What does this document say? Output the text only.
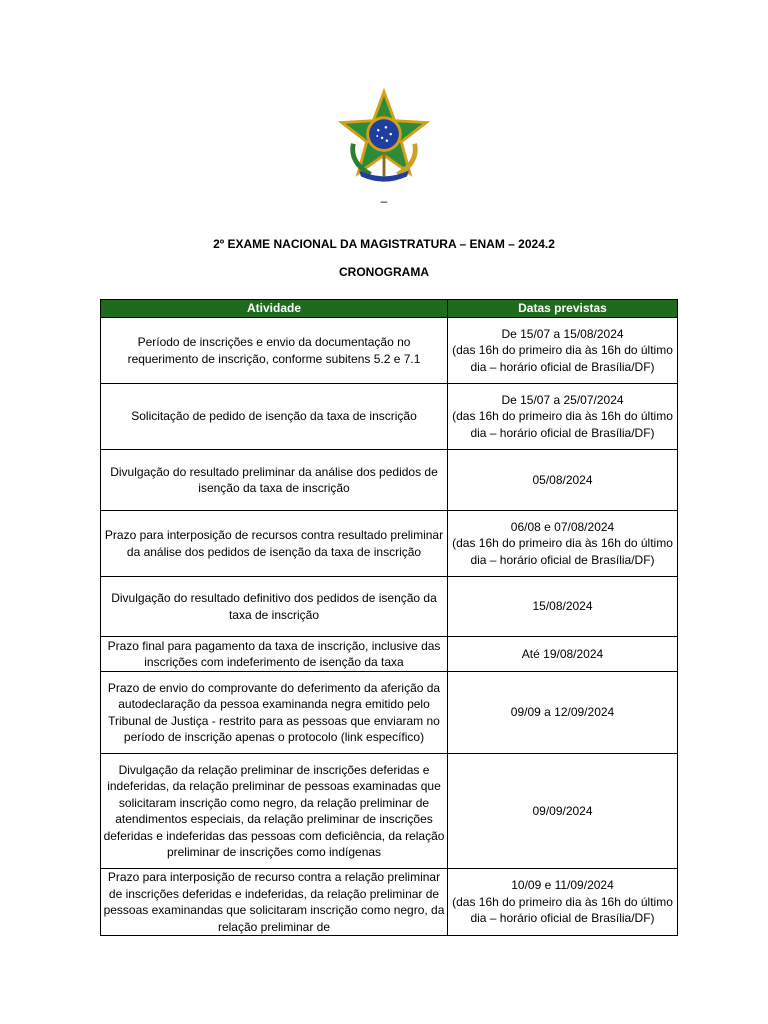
–
2º EXAME NACIONAL DA MAGISTRATURA – ENAM – 2024.2
CRONOGRAMA
Atividade	Datas previstas
Período de inscrições e envio da documentação no requerimento de inscrição, conforme subitens 5.2 e 7.1	De 15/07 a 15/08/2024
(das 16h do primeiro dia às 16h do último dia – horário oficial de Brasília/DF)

Solicitação de pedido de isenção da taxa de inscrição	De 15/07 a 25/07/2024
(das 16h do primeiro dia às 16h do último dia – horário oficial de Brasília/DF)

Divulgação do resultado preliminar da análise dos pedidos de isenção da taxa de inscrição	05/08/2024
Prazo para interposição de recursos contra resultado preliminar da análise dos pedidos de isenção da taxa de inscrição	06/08 e 07/08/2024
(das 16h do primeiro dia às 16h do último dia – horário oficial de Brasília/DF)

Divulgação do resultado definitivo dos pedidos de isenção da taxa de inscrição	15/08/2024
Prazo final para pagamento da taxa de inscrição, inclusive das inscrições com indeferimento de isenção da taxa	Até 19/08/2024
Prazo de envio do comprovante do deferimento da aferição da autodeclaração da pessoa examinanda negra emitido pelo Tribunal de Justiça - restrito para as pessoas que enviaram no período de inscrição apenas o protocolo (link específico)	09/09 a 12/09/2024
Divulgação da relação preliminar de inscrições deferidas e indeferidas, da relação preliminar de pessoas examinadas que solicitaram inscrição como negro, da relação preliminar de atendimentos especiais, da relação preliminar de inscrições deferidas e indeferidas das pessoas com deficiência, da relação preliminar de inscrições como indígenas	09/09/2024
Prazo para interposição de recurso contra a relação preliminar de inscrições deferidas e indeferidas, da relação preliminar de pessoas examinandas que solicitaram inscrição como negro, da relação preliminar de	10/09 e 11/09/2024
(das 16h do primeiro dia às 16h do último dia – horário oficial de Brasília/DF)
